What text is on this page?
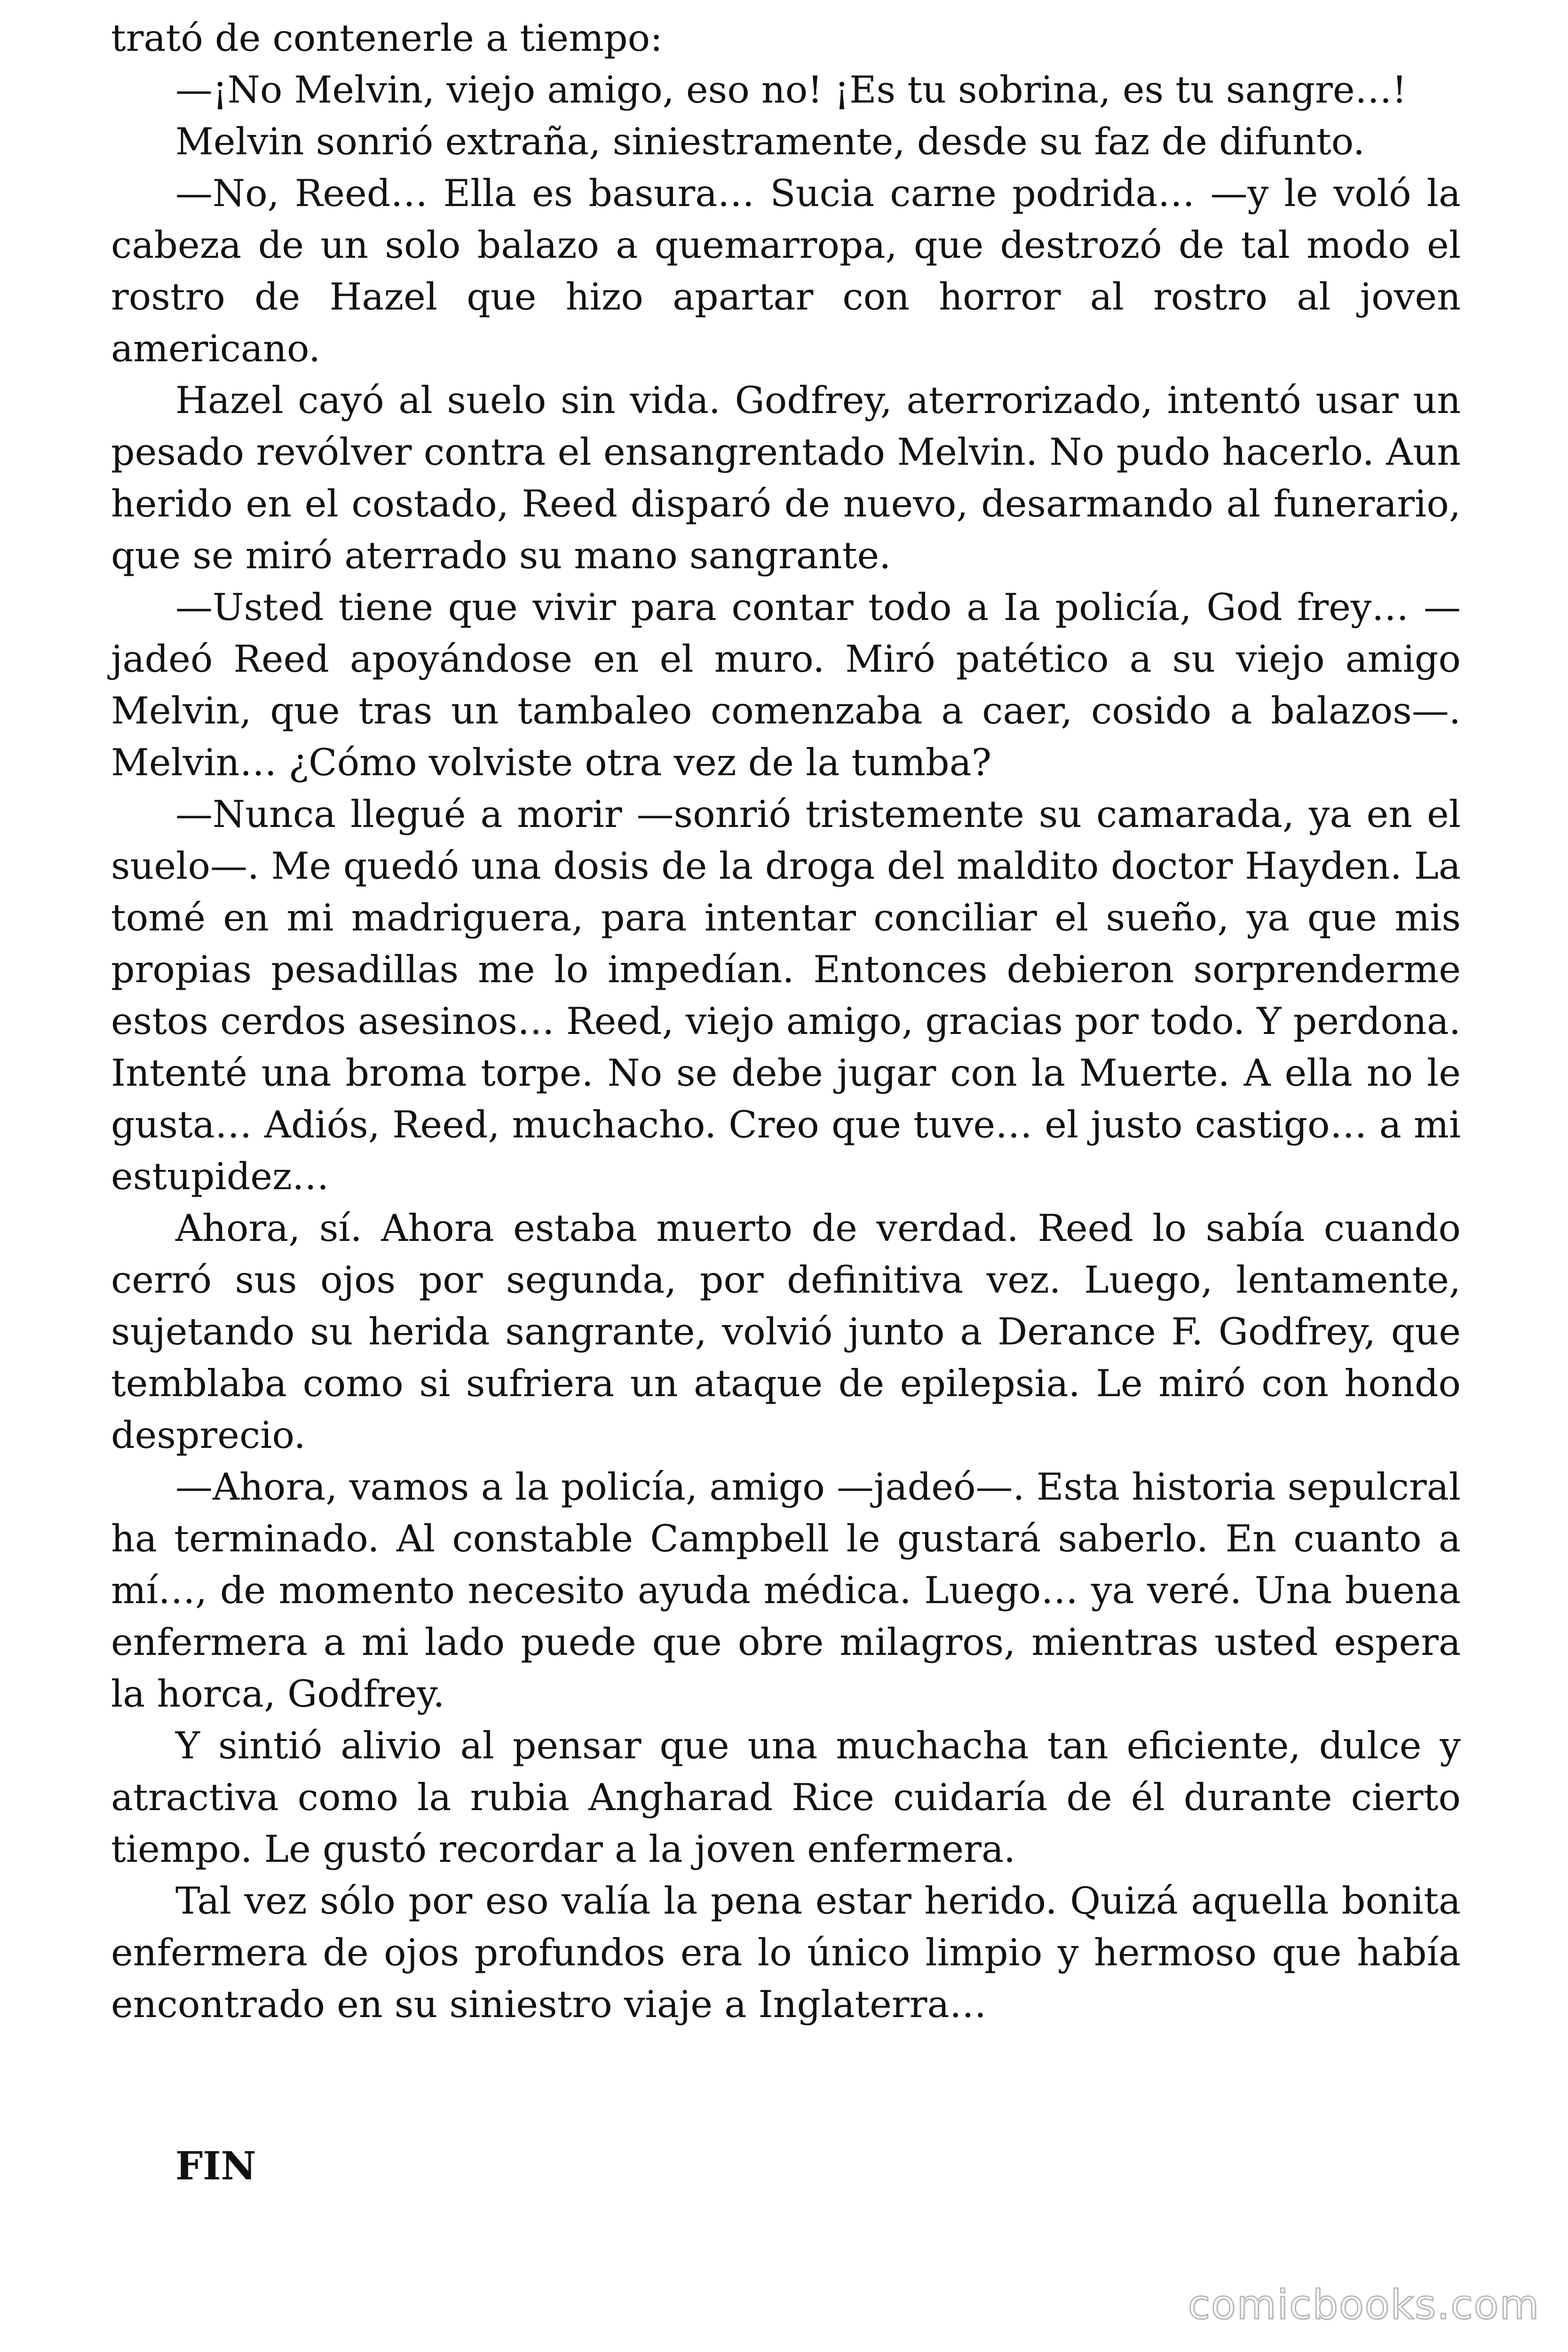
trató de contenerle a tiempo:

—¡No Melvin, viejo amigo, eso no! ¡Es tu sobrina, es tu sangre…!

Melvin sonrió extraña, siniestramente, desde su faz de difunto.

—No, Reed… Ella es basura… Sucia carne podrida… —y le voló la cabeza de un solo balazo a quemarropa, que destrozó de tal modo el rostro de Hazel que hizo apartar con horror al rostro al joven americano.

Hazel cayó al suelo sin vida. Godfrey, aterrorizado, intentó usar un pesado revólver contra el ensangrentado Melvin. No pudo hacerlo. Aun herido en el costado, Reed disparó de nuevo, desarmando al funerario, que se miró aterrado su mano sangrante.

—Usted tiene que vivir para contar todo a Ia policía, God frey… —jadeó Reed apoyándose en el muro. Miró patético a su viejo amigo Melvin, que tras un tambaleo comenzaba a caer, cosido a balazos—. Melvin… ¿Cómo volviste otra vez de la tumba?

—Nunca llegué a morir —sonrió tristemente su camarada, ya en el suelo—. Me quedó una dosis de la droga del maldito doctor Hayden. La tomé en mi madriguera, para intentar conciliar el sueño, ya que mis propias pesadillas me lo impedían. Entonces debieron sorprenderme estos cerdos asesinos… Reed, viejo amigo, gracias por todo. Y perdona. Intenté una broma torpe. No se debe jugar con la Muerte. A ella no le gusta… Adiós, Reed, muchacho. Creo que tuve… el justo castigo… a mi estupidez…

Ahora, sí. Ahora estaba muerto de verdad. Reed lo sabía cuando cerró sus ojos por segunda, por definitiva vez. Luego, lentamente, sujetando su herida sangrante, volvió junto a Derance F. Godfrey, que temblaba como si sufriera un ataque de epilepsia. Le miró con hondo desprecio.

—Ahora, vamos a la policía, amigo —jadeó—. Esta historia sepulcral ha terminado. Al constable Campbell le gustará saberlo. En cuanto a mí…, de momento necesito ayuda médica. Luego… ya veré. Una buena enfermera a mi lado puede que obre milagros, mientras usted espera la horca, Godfrey.

Y sintió alivio al pensar que una muchacha tan eficiente, dulce y atractiva como la rubia Angharad Rice cuidaría de él durante cierto tiempo. Le gustó recordar a la joven enfermera.

Tal vez sólo por eso valía la pena estar herido. Quizá aquella bonita enfermera de ojos profundos era lo único limpio y hermoso que había encontrado en su siniestro viaje a Inglaterra…

FIN
comicbooks.com
